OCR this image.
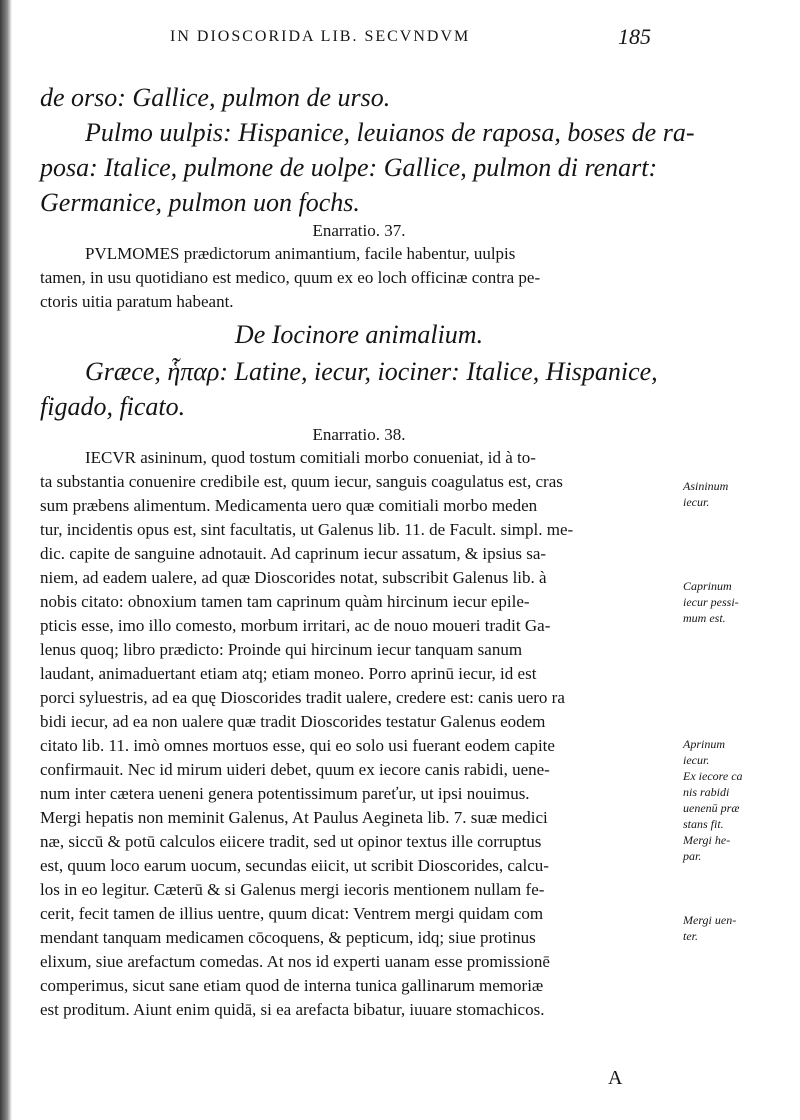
IN DIOSCORIDA LIB. SECVNDVM	185

de orso: Gallice, pulmon de urso.

Pulmo uulpis: Hispanice, leuianos de raposa, boses de ra-

posa: Italice, pulmone de uolpe: Gallice, pulmon di renart:

Germanice, pulmon uon fochs.

Enarratio. 37.

PVLMOMES prædictorum animantium, facile habentur, uulpis

tamen, in usu quotidiano est medico, quum ex eo loch officinæ contra pe-

ctoris uitia paratum habeant.

De Iocinore animalium.

Græce, ἧπαρ: Latine, iecur, iociner: Italice, Hispanice,

figado, ficato.

Enarratio. 38.

IECVR asininum, quod tostum comitiali morbo conueniat, id à to-

ta substantia conuenire credibile est, quum iecur, sanguis coagulatus est, cras

sum præbens alimentum. Medicamenta uero quæ comitiali morbo meden

tur, incidentis opus est, sint facultatis, ut Galenus lib. 11. de Facult. simpl. me-

dic. capite de sanguine adnotauit. Ad caprinum iecur assatum, & ipsius sa-

niem, ad eadem ualere, ad quæ Dioscorides notat, subscribit Galenus lib. à

nobis citato: obnoxium tamen tam caprinum quàm hircinum iecur epile-

pticis esse, imo illo comesto, morbum irritari, ac de nouo moueri tradit Ga-

lenus quoq; libro prædicto: Proinde qui hircinum iecur tanquam sanum

laudant, animaduertant etiam atq; etiam moneo. Porro aprinū iecur, id est

porci syluestris, ad ea quę Dioscorides tradit ualere, credere est: canis uero ra

bidi iecur, ad ea non ualere quæ tradit Dioscorides testatur Galenus eodem

citato lib. 11. imò omnes mortuos esse, qui eo solo usi fuerant eodem capite

confirmauit. Nec id mirum uideri debet, quum ex iecore canis rabidi, uene-

num inter cætera ueneni genera potentissimum pareťur, ut ipsi nouimus.

Mergi hepatis non meminit Galenus, At Paulus Aegineta lib. 7. suæ medici

næ, siccū & potū calculos eiicere tradit, sed ut opinor textus ille corruptus

est, quum loco earum uocum, secundas eiicit, ut scribit Dioscorides, calcu-

los in eo legitur. Cæterū & si Galenus mergi iecoris mentionem nullam fe-

cerit, fecit tamen de illius uentre, quum dicat: Ventrem mergi quidam com

mendant tanquam medicamen cōcoquens, & pepticum, idq; siue protinus

elixum, siue arefactum comedas. At nos id experti uanam esse promissionē

comperimus, sicut sane etiam quod de interna tunica gallinarum memoriæ

est proditum. Aiunt enim quidā, si ea arefacta bibatur, iuuare stomachicos.

Asininum

iecur.

Caprinum

iecur pessi-

mum est.

Aprinum

iecur.

Ex iecore ca

nis rabidi

uenenū præ

stans fit.

Mergi he-

par.

Mergi uen-

ter.

A
